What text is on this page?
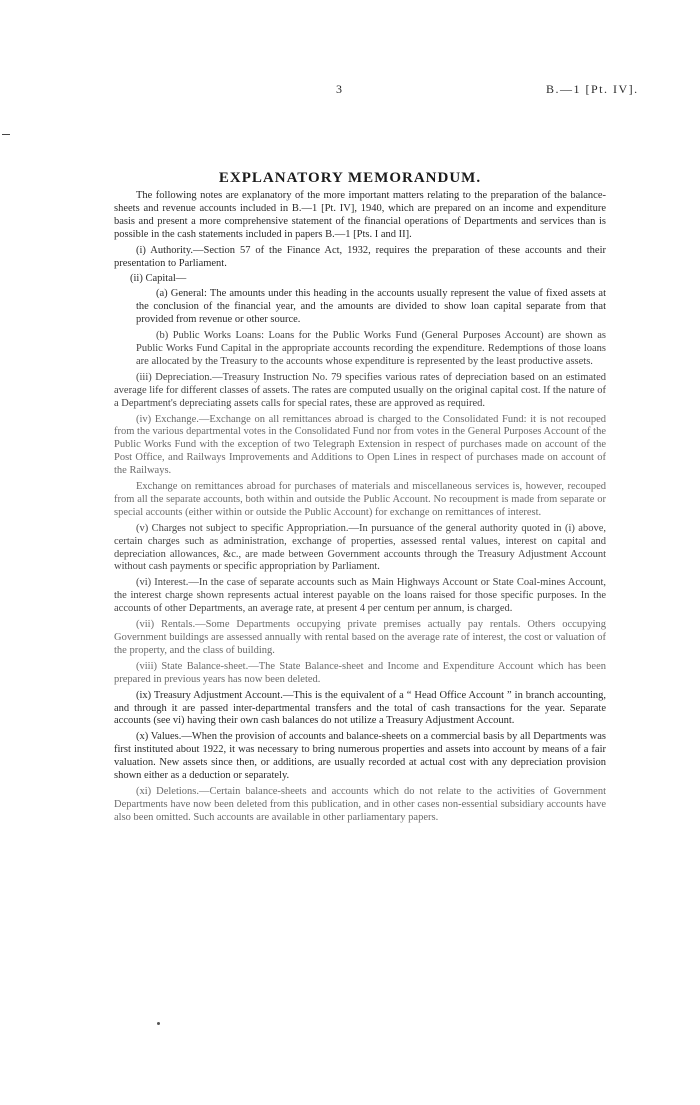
3	B.—1 [Pt. IV].
EXPLANATORY MEMORANDUM.

The following notes are explanatory of the more important matters relating to the preparation of the balance-sheets and revenue accounts included in B.—1 [Pt. IV], 1940, which are prepared on an income and expenditure basis and present a more comprehensive statement of the financial operations of Departments and services than is possible in the cash statements included in papers B.—1 [Pts. I and II].

(i) Authority.—Section 57 of the Finance Act, 1932, requires the preparation of these accounts and their presentation to Parliament.

(ii) Capital—

(a) General: The amounts under this heading in the accounts usually represent the value of fixed assets at the conclusion of the financial year, and the amounts are divided to show loan capital separate from that provided from revenue or other source.

(b) Public Works Loans: Loans for the Public Works Fund (General Purposes Account) are shown as Public Works Fund Capital in the appropriate accounts recording the expenditure. Redemptions of those loans are allocated by the Treasury to the accounts whose expenditure is represented by the least productive assets.

(iii) Depreciation.—Treasury Instruction No. 79 specifies various rates of depreciation based on an estimated average life for different classes of assets. The rates are computed usually on the original capital cost. If the nature of a Department's depreciating assets calls for special rates, these are approved as required.

(iv) Exchange.—Exchange on all remittances abroad is charged to the Consolidated Fund: it is not recouped from the various departmental votes in the Consolidated Fund nor from votes in the General Purposes Account of the Public Works Fund with the exception of two Telegraph Extension in respect of purchases made on account of the Post Office, and Railways Improvements and Additions to Open Lines in respect of purchases made on account of the Railways.

Exchange on remittances abroad for purchases of materials and miscellaneous services is, however, recouped from all the separate accounts, both within and outside the Public Account. No recoupment is made from separate or special accounts (either within or outside the Public Account) for exchange on remittances of interest.

(v) Charges not subject to specific Appropriation.—In pursuance of the general authority quoted in (i) above, certain charges such as administration, exchange of properties, assessed rental values, interest on capital and depreciation allowances, &c., are made between Government accounts through the Treasury Adjustment Account without cash payments or specific appropriation by Parliament.

(vi) Interest.—In the case of separate accounts such as Main Highways Account or State Coal-mines Account, the interest charge shown represents actual interest payable on the loans raised for those specific purposes. In the accounts of other Departments, an average rate, at present 4 per centum per annum, is charged.

(vii) Rentals.—Some Departments occupying private premises actually pay rentals. Others occupying Government buildings are assessed annually with rental based on the average rate of interest, the cost or valuation of the property, and the class of building.

(viii) State Balance-sheet.—The State Balance-sheet and Income and Expenditure Account which has been prepared in previous years has now been deleted.

(ix) Treasury Adjustment Account.—This is the equivalent of a “ Head Office Account ” in branch accounting, and through it are passed inter-departmental transfers and the total of cash transactions for the year. Separate accounts (see vi) having their own cash balances do not utilize a Treasury Adjustment Account.

(x) Values.—When the provision of accounts and balance-sheets on a commercial basis by all Departments was first instituted about 1922, it was necessary to bring numerous properties and assets into account by means of a fair valuation. New assets since then, or additions, are usually recorded at actual cost with any depreciation provision shown either as a deduction or separately.

(xi) Deletions.—Certain balance-sheets and accounts which do not relate to the activities of Government Departments have now been deleted from this publication, and in other cases non-essential subsidiary accounts have also been omitted. Such accounts are available in other parliamentary papers.
